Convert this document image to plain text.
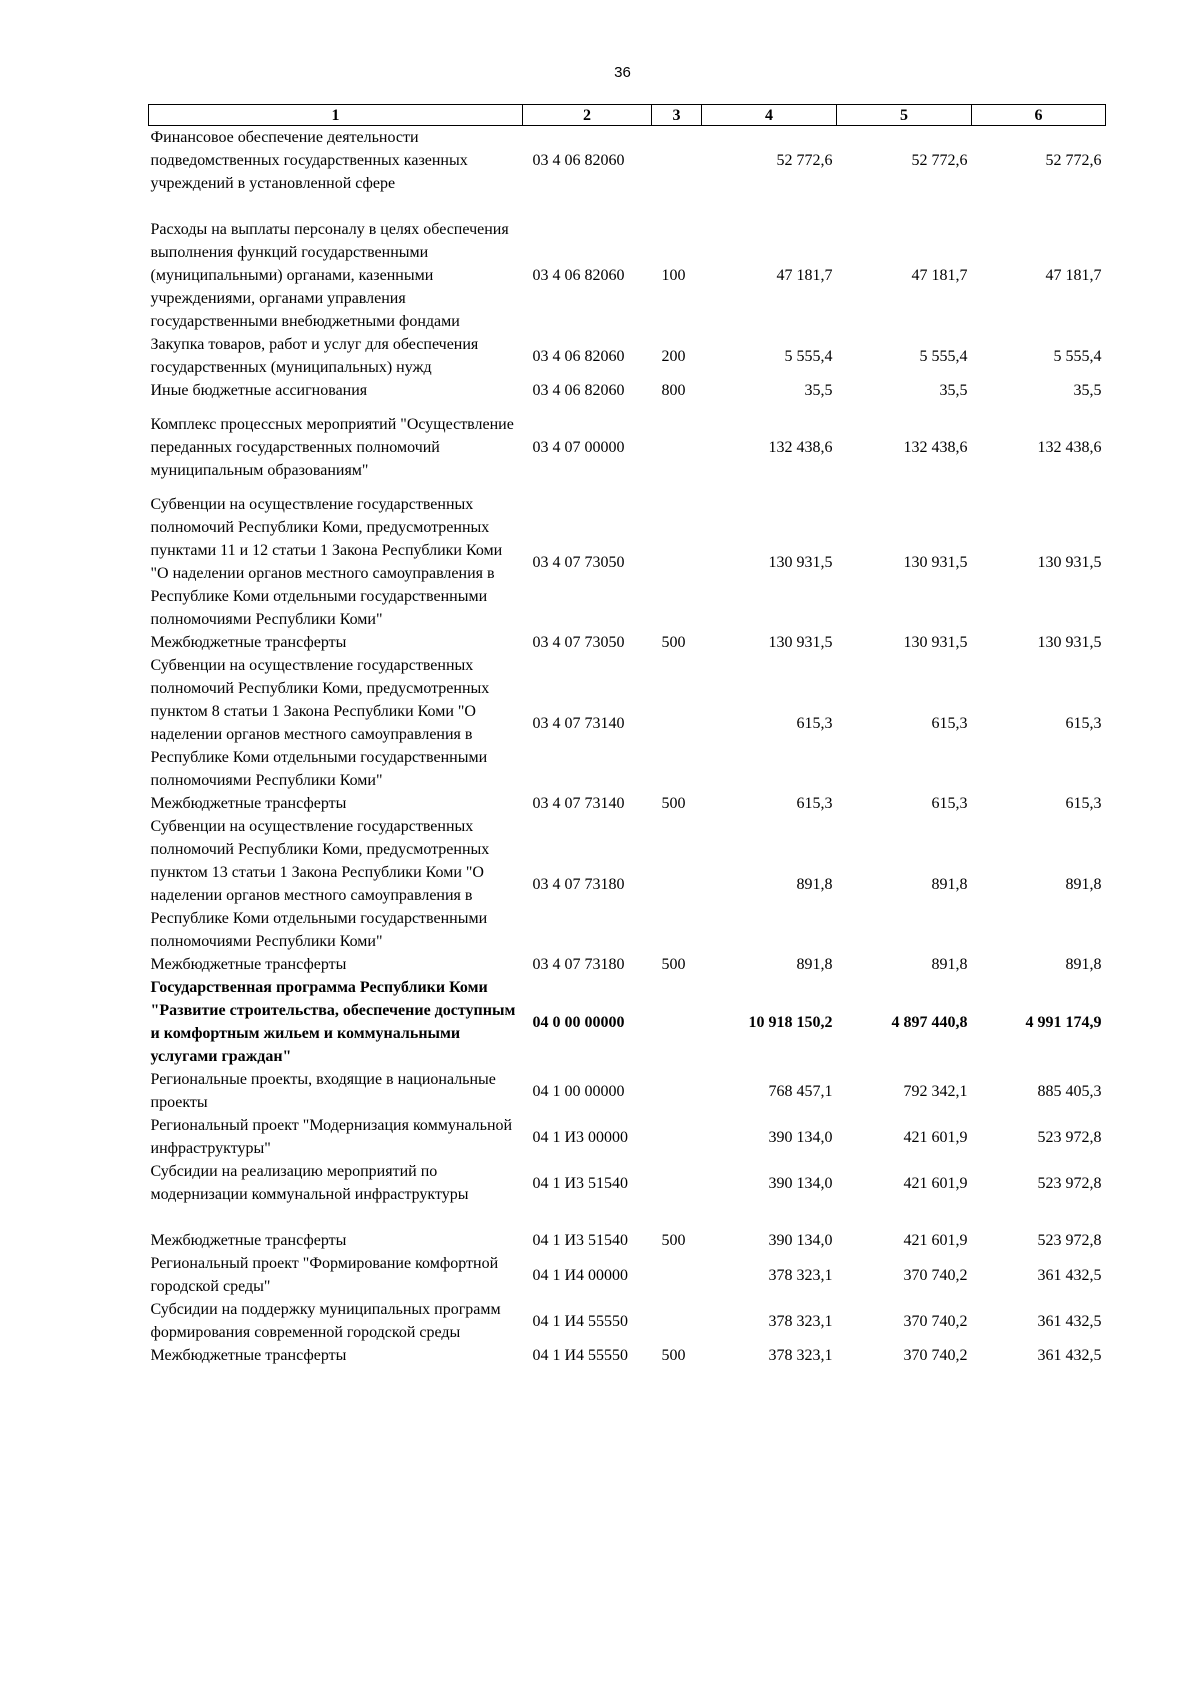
36
1	2	3	4	5	6
Финансовое обеспечение деятельности подведомственных государственных казенных учреждений в установленной сфере	03 4 06 82060		52 772,6	52 772,6	52 772,6
Расходы на выплаты персоналу в целях обеспечения выполнения функций государственными (муниципальными) органами, казенными учреждениями, органами управления государственными внебюджетными фондами	03 4 06 82060	100	47 181,7	47 181,7	47 181,7
Закупка товаров, работ и услуг для обеспечения государственных (муниципальных) нужд	03 4 06 82060	200	5 555,4	5 555,4	5 555,4
Иные бюджетные ассигнования	03 4 06 82060	800	35,5	35,5	35,5
Комплекс процессных мероприятий "Осуществление переданных государственных полномочий муниципальным образованиям"	03 4 07 00000		132 438,6	132 438,6	132 438,6
Субвенции на осуществление государственных полномочий Республики Коми, предусмотренных пунктами 11 и 12 статьи 1 Закона Республики Коми "О наделении органов местного самоуправления в Республике Коми отдельными государственными полномочиями Республики Коми"	03 4 07 73050		130 931,5	130 931,5	130 931,5
Межбюджетные трансферты	03 4 07 73050	500	130 931,5	130 931,5	130 931,5
Субвенции на осуществление государственных полномочий Республики Коми, предусмотренных пунктом 8 статьи 1 Закона Республики Коми "О наделении органов местного самоуправления в Республике Коми отдельными государственными полномочиями Республики Коми"	03 4 07 73140		615,3	615,3	615,3
Межбюджетные трансферты	03 4 07 73140	500	615,3	615,3	615,3
Субвенции на осуществление государственных полномочий Республики Коми, предусмотренных пунктом 13 статьи 1 Закона Республики Коми "О наделении органов местного самоуправления в Республике Коми отдельными государственными полномочиями Республики Коми"	03 4 07 73180		891,8	891,8	891,8
Межбюджетные трансферты	03 4 07 73180	500	891,8	891,8	891,8
Государственная программа Республики Коми "Развитие строительства, обеспечение доступным и комфортным жильем и коммунальными услугами граждан"	04 0 00 00000		10 918 150,2	4 897 440,8	4 991 174,9
Региональные проекты, входящие в национальные проекты	04 1 00 00000		768 457,1	792 342,1	885 405,3
Региональный проект "Модернизация коммунальной инфраструктуры"	04 1 И3 00000		390 134,0	421 601,9	523 972,8
Субсидии на реализацию мероприятий по модернизации коммунальной инфраструктуры	04 1 И3 51540		390 134,0	421 601,9	523 972,8
Межбюджетные трансферты	04 1 И3 51540	500	390 134,0	421 601,9	523 972,8
Региональный проект "Формирование комфортной городской среды"	04 1 И4 00000		378 323,1	370 740,2	361 432,5
Субсидии на поддержку муниципальных программ формирования современной городской среды	04 1 И4 55550		378 323,1	370 740,2	361 432,5
Межбюджетные трансферты	04 1 И4 55550	500	378 323,1	370 740,2	361 432,5
